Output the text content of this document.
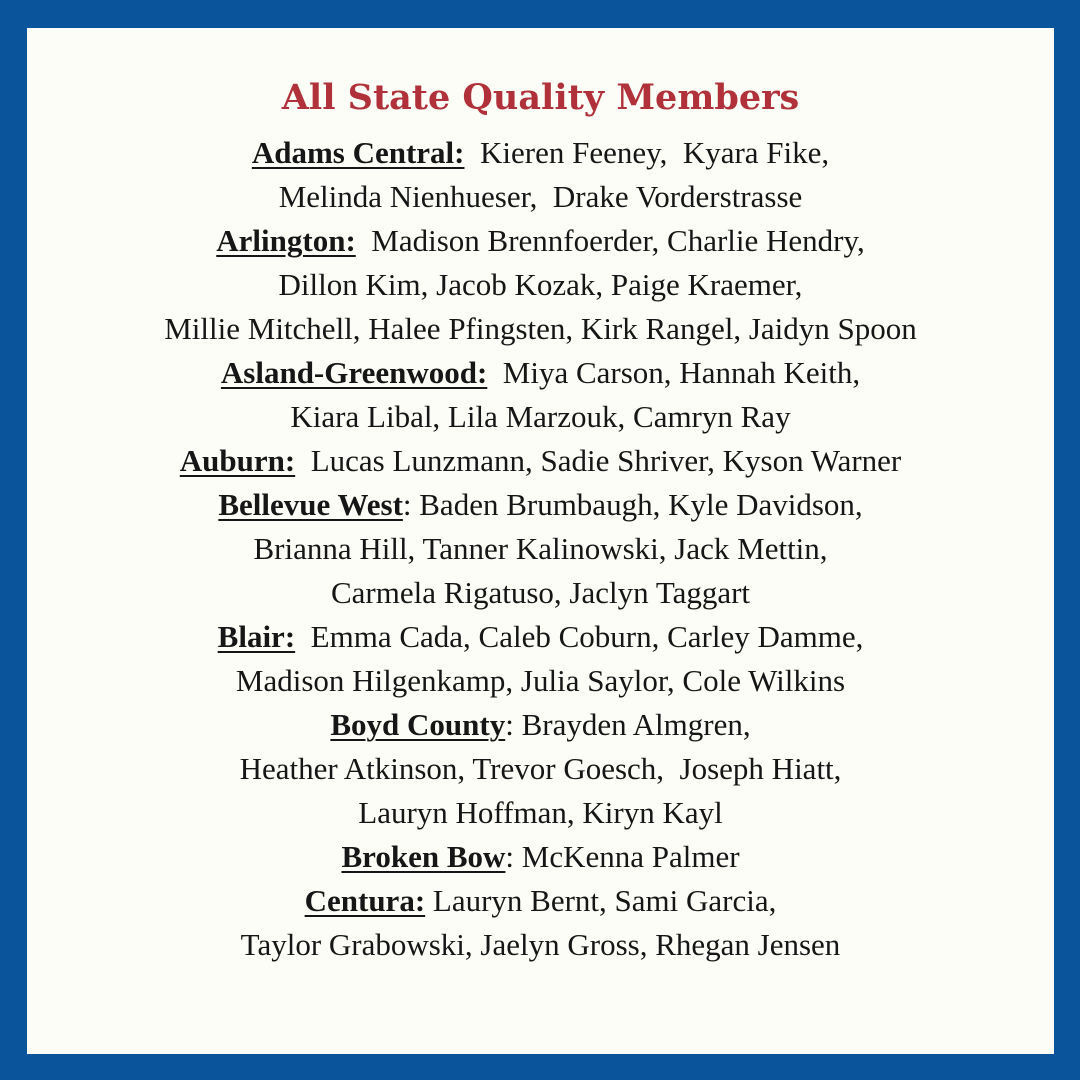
All State Quality Members
Adams Central:  Kieren Feeney,  Kyara Fike,
Melinda Nienhueser,  Drake Vorderstrasse
Arlington:  Madison Brennfoerder, Charlie Hendry,
Dillon Kim, Jacob Kozak, Paige Kraemer,
Millie Mitchell, Halee Pfingsten, Kirk Rangel, Jaidyn Spoon
Asland-Greenwood:  Miya Carson, Hannah Keith,
Kiara Libal, Lila Marzouk, Camryn Ray
Auburn:  Lucas Lunzmann, Sadie Shriver, Kyson Warner
Bellevue West: Baden Brumbaugh, Kyle Davidson,
Brianna Hill, Tanner Kalinowski, Jack Mettin,
Carmela Rigatuso, Jaclyn Taggart
Blair:  Emma Cada, Caleb Coburn, Carley Damme,
Madison Hilgenkamp, Julia Saylor, Cole Wilkins
Boyd County: Brayden Almgren,
Heather Atkinson, Trevor Goesch,  Joseph Hiatt,
Lauryn Hoffman, Kiryn Kayl
Broken Bow: McKenna Palmer
Centura: Lauryn Bernt, Sami Garcia,
Taylor Grabowski, Jaelyn Gross, Rhegan Jensen
